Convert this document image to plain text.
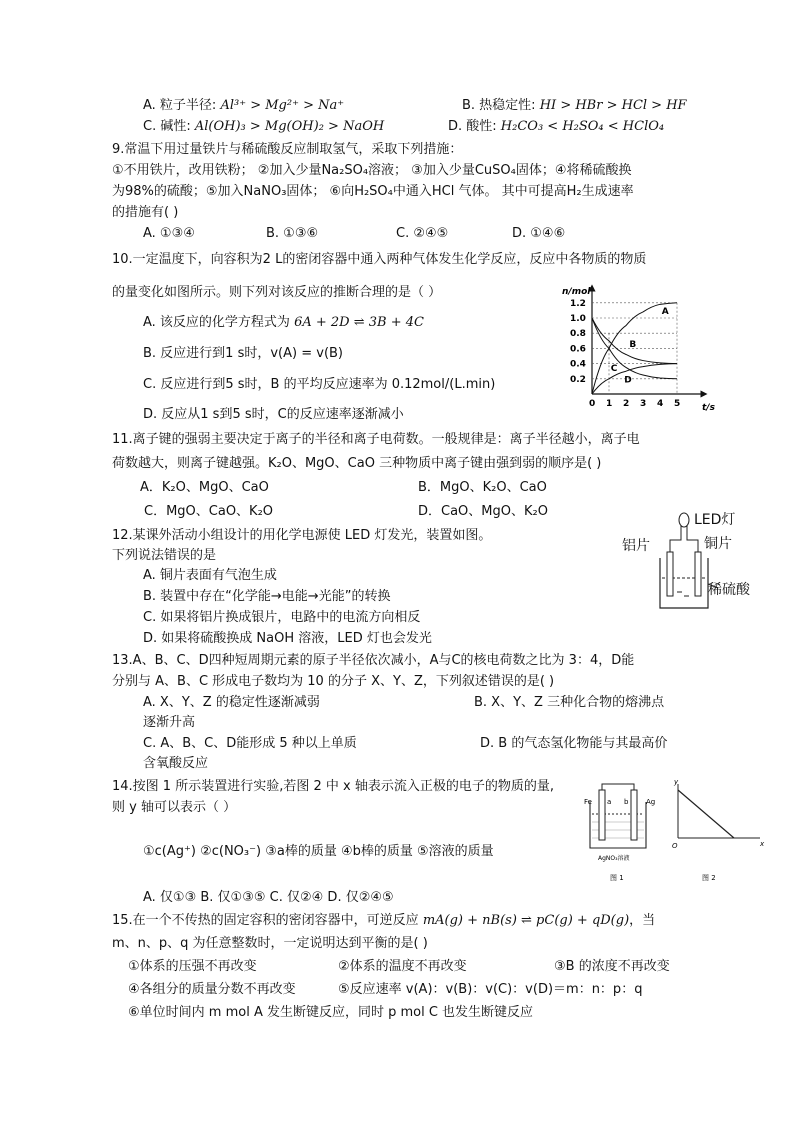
A. 粒子半径: Al³⁺ > Mg²⁺ > Na⁺	B. 热稳定性: HI > HBr > HCl > HF
C. 碱性: Al(OH)₃ > Mg(OH)₂ > NaOH	D. 酸性: H₂CO₃ < H₂SO₄ < HClO₄
9.常温下用过量铁片与稀硫酸反应制取氢气，采取下列措施：
①不用铁片，改用铁粉； ②加入少量Na₂SO₄溶液； ③加入少量CuSO₄固体；④将稀硫酸换
为98%的硫酸；⑤加入NaNO₃固体； ⑥向H₂SO₄中通入HCl 气体。 其中可提高H₂生成速率
的措施有( )
A. ①③④	B. ①③⑥	C. ②④⑤	D. ①④⑥
10.一定温度下，向容积为2 L的密闭容器中通入两种气体发生化学反应，反应中各物质的物质
的量变化如图所示。则下列对该反应的推断合理的是（ ）
A. 该反应的化学方程式为 6A + 2D ⇌ 3B + 4C
B. 反应进行到1 s时，v(A) = v(B)
C. 反应进行到5 s时，B 的平均反应速率为 0.12mol/(L.min)
D. 反应从1 s到5 s时，C的反应速率逐渐减小
n/mol
t/s
0 1 2 3 4 5
0.2
0.4
0.6
0.8
1.0
1.2
A
B
C
D
11.离子键的强弱主要决定于离子的半径和离子电荷数。一般规律是：离子半径越小，离子电
荷数越大，则离子键越强。K₂O、MgO、CaO 三种物质中离子键由强到弱的顺序是( )
A．K₂O、MgO、CaO	B．MgO、K₂O、CaO
C．MgO、CaO、K₂O	D．CaO、MgO、K₂O
12.某课外活动小组设计的用化学电源使 LED 灯发光，装置如图。
下列说法错误的是
A. 铜片表面有气泡生成
B. 装置中存在“化学能→电能→光能”的转换
C. 如果将铝片换成银片，电路中的电流方向相反
D. 如果将硫酸换成 NaOH 溶液，LED 灯也会发光
LED灯
铝片	铜片
稀硫酸
13.A、B、C、D四种短周期元素的原子半径依次减小，A与C的核电荷数之比为 3：4，D能
分别与 A、B、C 形成电子数均为 10 的分子 X、Y、Z，下列叙述错误的是( )
A. X、Y、Z 的稳定性逐渐减弱	B. X、Y、Z 三种化合物的熔沸点
逐渐升高
C. A、B、C、D能形成 5 种以上单质	D. B 的气态氢化物能与其最高价
含氧酸反应
14.按图 1 所示装置进行实验,若图 2 中 x 轴表示流入正极的电子的物质的量,
则 y 轴可以表示（ ）
①c(Ag⁺) ②c(NO₃⁻) ③a棒的质量 ④b棒的质量 ⑤溶液的质量
A. 仅①③ B. 仅①③⑤ C. 仅②④ D. 仅②④⑤
Fe a b	Ag
AgNO₃溶液
图 1
y
x
O
图 2
15.在一个不传热的固定容积的密闭容器中，可逆反应 mA(g) + nB(s) ⇌ pC(g) + qD(g)，当
m、n、p、q 为任意整数时，一定说明达到平衡的是( )
①体系的压强不再改变	②体系的温度不再改变	③B 的浓度不再改变
④各组分的质量分数不再改变	⑤反应速率 v(A)：v(B)：v(C)：v(D)＝m：n：p：q
⑥单位时间内 m mol A 发生断键反应，同时 p mol C 也发生断键反应
